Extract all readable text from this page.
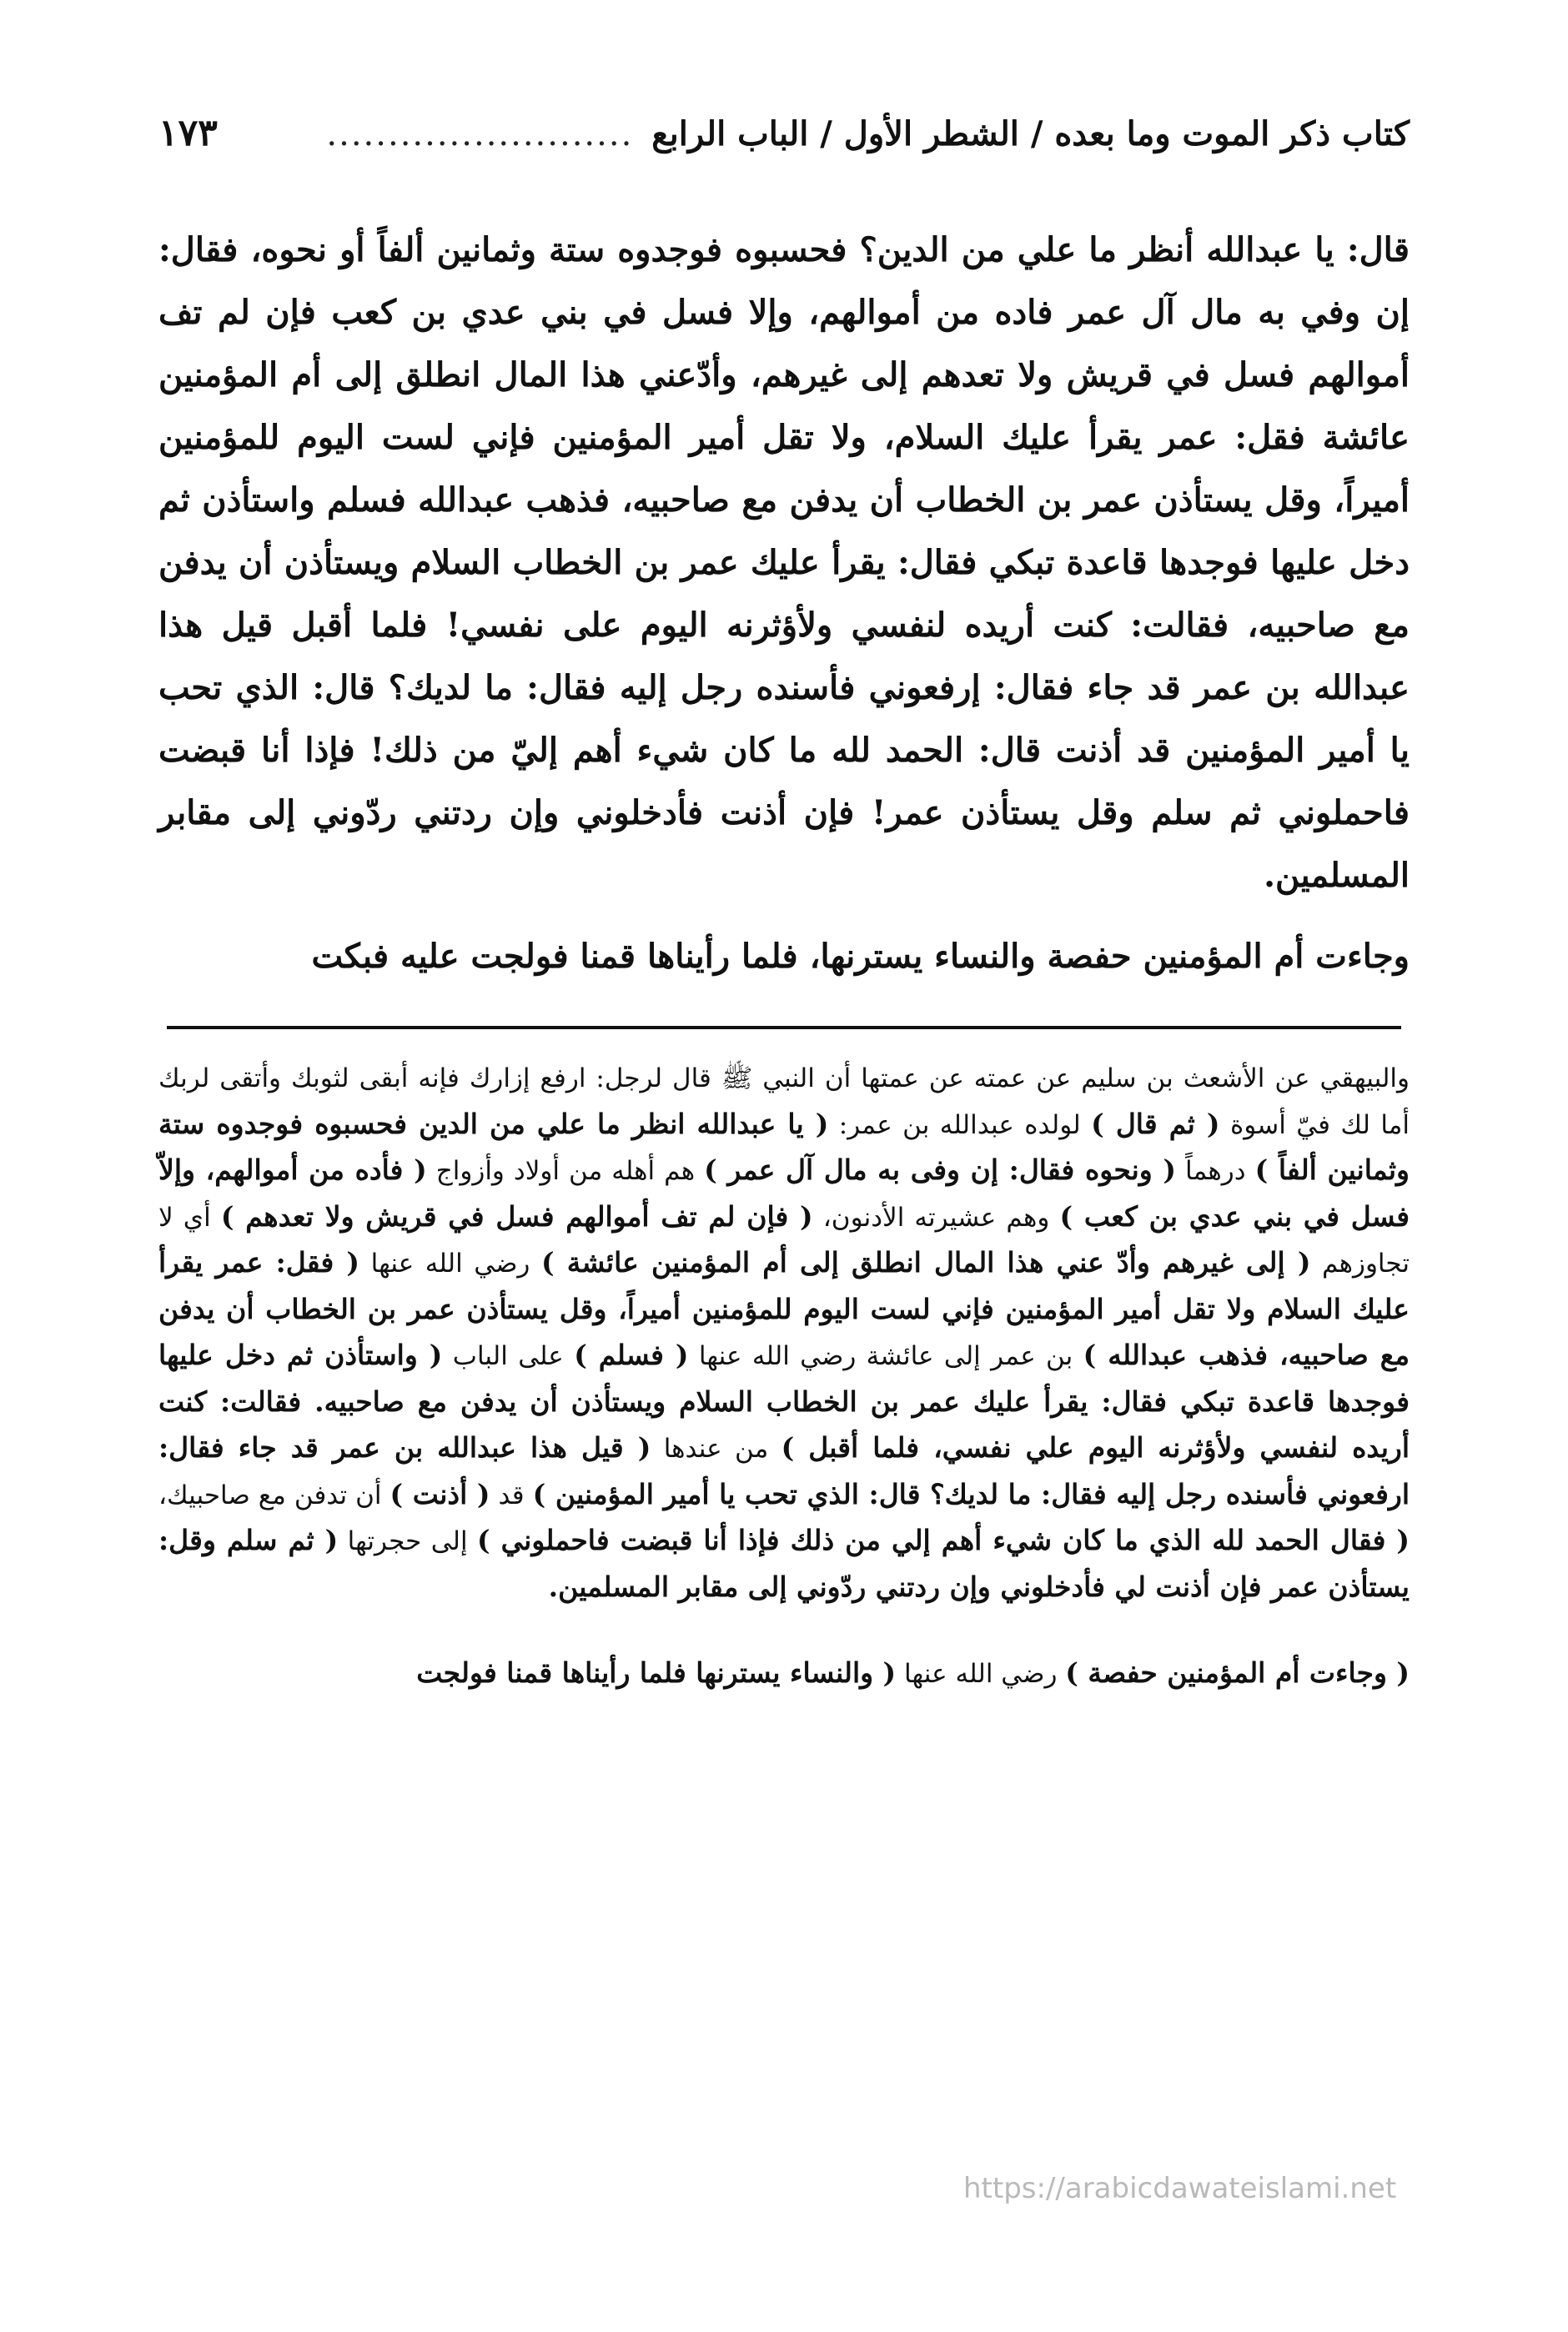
كتاب ذكر الموت وما بعده / الشطر الأول / الباب الرابع
.........................
١٧٣

قال: يا عبدالله أنظر ما علي من الدين؟ فحسبوه فوجدوه ستة وثمانين ألفاً أو نحوه، فقال: إن وفي به مال آل عمر فاده من أموالهم، وإلا فسل في بني عدي بن كعب فإن لم تف أموالهم فسل في قريش ولا تعدهم إلى غيرهم، وأدّعني هذا المال انطلق إلى أم المؤمنين عائشة فقل: عمر يقرأ عليك السلام، ولا تقل أمير المؤمنين فإني لست اليوم للمؤمنين أميراً، وقل يستأذن عمر بن الخطاب أن يدفن مع صاحبيه، فذهب عبدالله فسلم واستأذن ثم دخل عليها فوجدها قاعدة تبكي فقال: يقرأ عليك عمر بن الخطاب السلام ويستأذن أن يدفن مع صاحبيه، فقالت: كنت أريده لنفسي ولأؤثرنه اليوم على نفسي! فلما أقبل قيل هذا عبدالله بن عمر قد جاء فقال: إرفعوني فأسنده رجل إليه فقال: ما لديك؟ قال: الذي تحب يا أمير المؤمنين قد أذنت قال: الحمد لله ما كان شيء أهم إليّ من ذلك! فإذا أنا قبضت فاحملوني ثم سلم وقل يستأذن عمر! فإن أذنت فأدخلوني وإن ردتني ردّوني إلى مقابر المسلمين.

وجاءت أم المؤمنين حفصة والنساء يسترنها، فلما رأيناها قمنا فولجت عليه فبكت

والبيهقي عن الأشعث بن سليم عن عمته عن عمتها أن النبي ﷺ قال لرجل: ارفع إزارك فإنه أبقى لثوبك وأتقى لربك أما لك فيّ أسوة ( ثم قال ) لولده عبدالله بن عمر: ( يا عبدالله انظر ما علي من الدين فحسبوه فوجدوه ستة وثمانين ألفاً ) درهماً ( ونحوه فقال: إن وفى به مال آل عمر ) هم أهله من أولاد وأزواج ( فأده من أموالهم، وإلاّ فسل في بني عدي بن كعب ) وهم عشيرته الأدنون، ( فإن لم تف أموالهم فسل في قريش ولا تعدهم ) أي لا تجاوزهم ( إلى غيرهم وأدّ عني هذا المال انطلق إلى أم المؤمنين عائشة ) رضي الله عنها ( فقل: عمر يقرأ عليك السلام ولا تقل أمير المؤمنين فإني لست اليوم للمؤمنين أميراً، وقل يستأذن عمر بن الخطاب أن يدفن مع صاحبيه، فذهب عبدالله ) بن عمر إلى عائشة رضي الله عنها ( فسلم ) على الباب ( واستأذن ثم دخل عليها فوجدها قاعدة تبكي فقال: يقرأ عليك عمر بن الخطاب السلام ويستأذن أن يدفن مع صاحبيه. فقالت: كنت أريده لنفسي ولأؤثرنه اليوم علي نفسي، فلما أقبل ) من عندها ( قيل هذا عبدالله بن عمر قد جاء فقال: ارفعوني فأسنده رجل إليه فقال: ما لديك؟ قال: الذي تحب يا أمير المؤمنين ) قد ( أذنت ) أن تدفن مع صاحبيك، ( فقال الحمد لله الذي ما كان شيء أهم إلي من ذلك فإذا أنا قبضت فاحملوني ) إلى حجرتها ( ثم سلم وقل: يستأذن عمر فإن أذنت لي فأدخلوني وإن ردتني ردّوني إلى مقابر المسلمين.

( وجاءت أم المؤمنين حفصة ) رضي الله عنها ( والنساء يسترنها فلما رأيناها قمنا فولجت

https://arabicdawateislami.net
